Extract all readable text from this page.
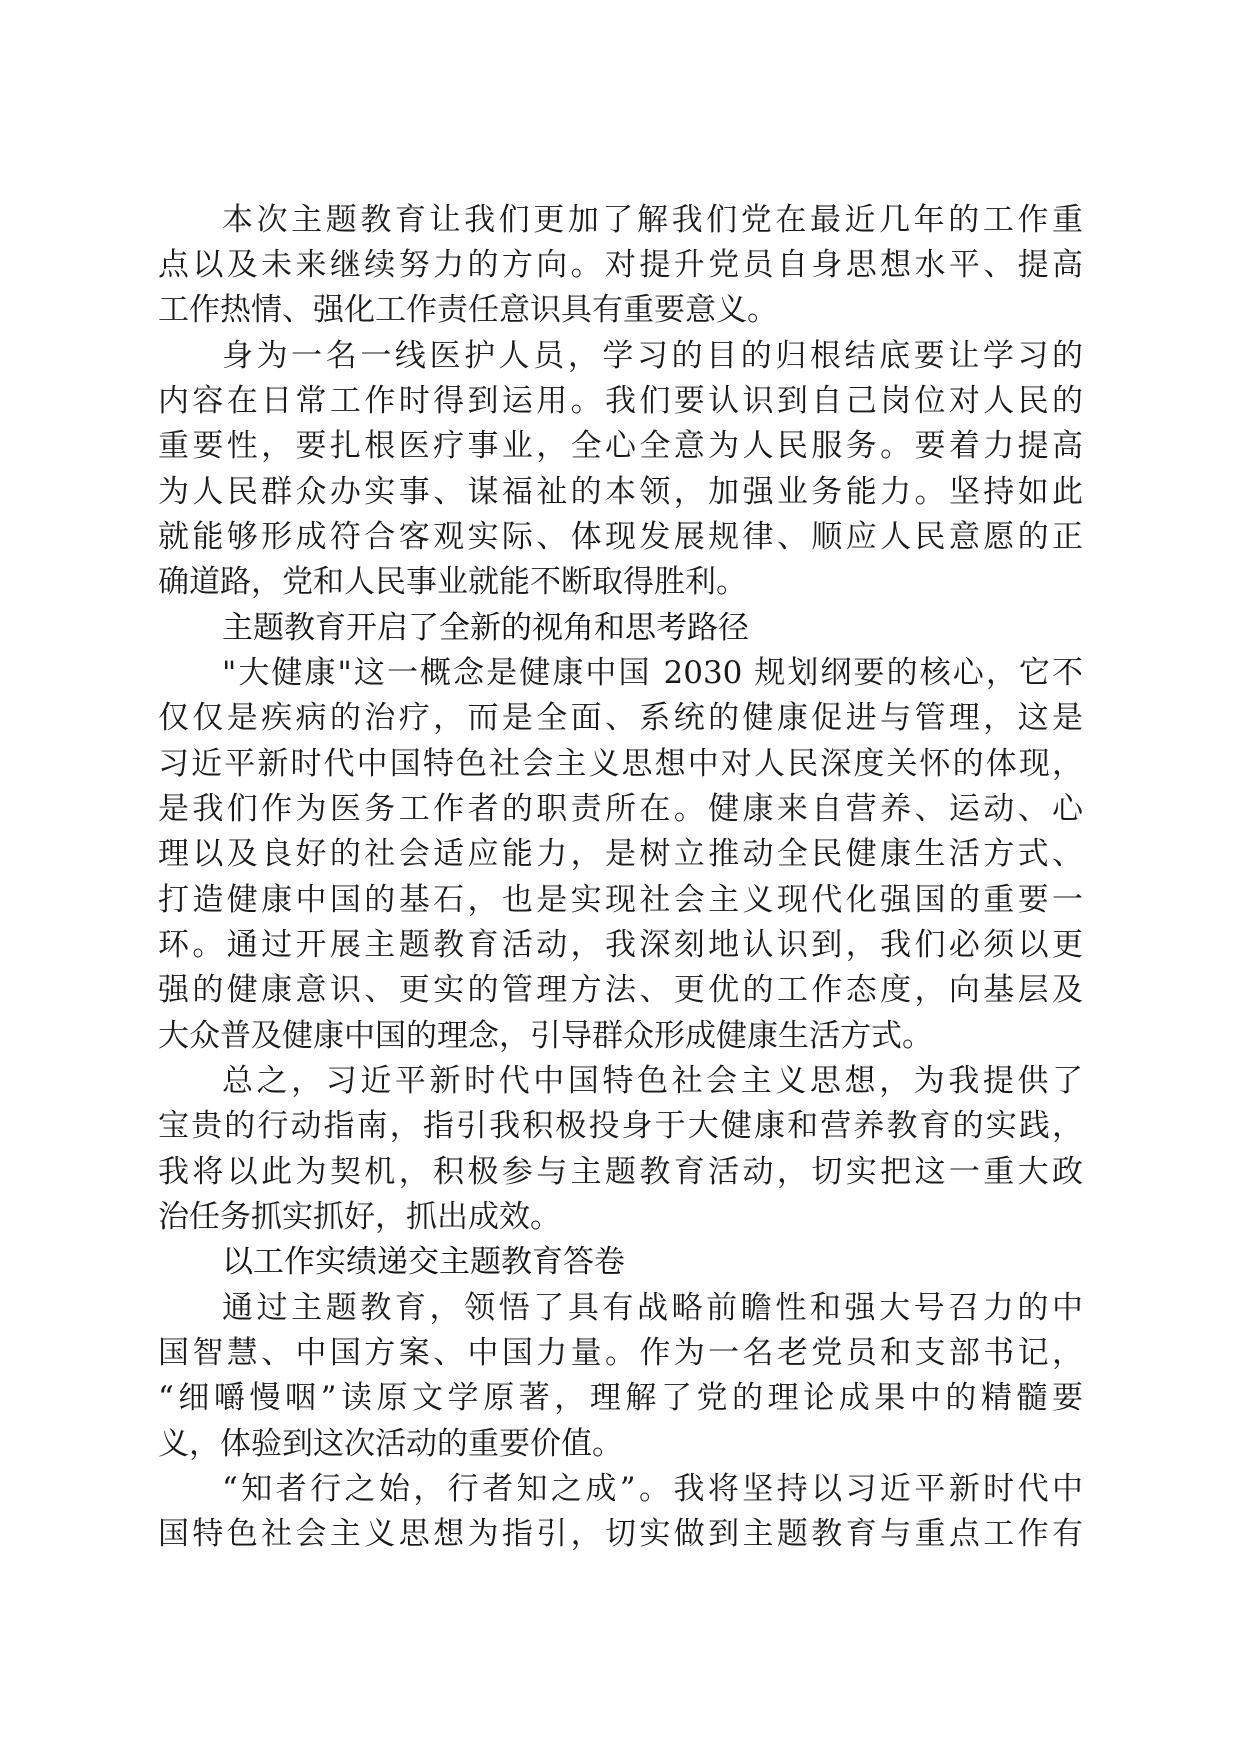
本次主题教育让我们更加了解我们党在最近几年的工作重
点以及未来继续努力的方向。对提升党员自身思想水平、提高
工作热情、强化工作责任意识具有重要意义。
身为一名一线医护人员，学习的目的归根结底要让学习的
内容在日常工作时得到运用。我们要认识到自己岗位对人民的
重要性，要扎根医疗事业，全心全意为人民服务。要着力提高
为人民群众办实事、谋福祉的本领，加强业务能力。坚持如此
就能够形成符合客观实际、体现发展规律、顺应人民意愿的正
确道路，党和人民事业就能不断取得胜利。
主题教育开启了全新的视角和思考路径
"大健康"这一概念是健康中国 2030 规划纲要的核心，它不
仅仅是疾病的治疗，而是全面、系统的健康促进与管理，这是
习近平新时代中国特色社会主义思想中对人民深度关怀的体现，
是我们作为医务工作者的职责所在。健康来自营养、运动、心
理以及良好的社会适应能力，是树立推动全民健康生活方式、
打造健康中国的基石，也是实现社会主义现代化强国的重要一
环。通过开展主题教育活动，我深刻地认识到，我们必须以更
强的健康意识、更实的管理方法、更优的工作态度，向基层及
大众普及健康中国的理念，引导群众形成健康生活方式。
总之，习近平新时代中国特色社会主义思想，为我提供了
宝贵的行动指南，指引我积极投身于大健康和营养教育的实践，
我将以此为契机，积极参与主题教育活动，切实把这一重大政
治任务抓实抓好，抓出成效。
以工作实绩递交主题教育答卷
通过主题教育，领悟了具有战略前瞻性和强大号召力的中
国智慧、中国方案、中国力量。作为一名老党员和支部书记，
“细嚼慢咽”读原文学原著，理解了党的理论成果中的精髓要
义，体验到这次活动的重要价值。
“知者行之始，行者知之成”。我将坚持以习近平新时代中
国特色社会主义思想为指引，切实做到主题教育与重点工作有
